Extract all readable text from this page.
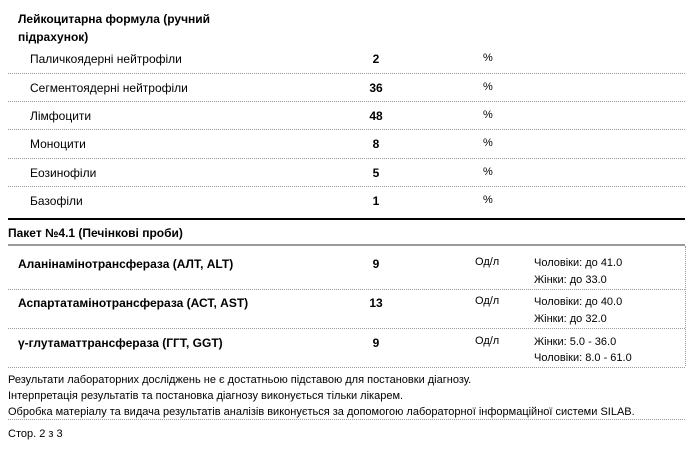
Лейкоцитарна формула (ручний
підрахунок)
Паличкоядерні нейтрофіли	2	%
Сегментоядерні нейтрофіли	36	%
Лімфоцити	48	%
Моноцити	8	%
Еозинофіли	5	%
Базофіли	1	%
Пакет №4.1 (Печінкові проби)
Аланінамінотрансфераза (АЛТ, ALT)	9	Од/л	Чоловіки: до 41.0
Жінки: до 33.0
Аспартатамінотрансфераза (АСТ, AST)	13	Од/л	Чоловіки: до 40.0
Жінки: до 32.0
γ-глутаматтрансфераза (ГГТ, GGT)	9	Од/л	Жінки: 5.0 - 36.0
Чоловіки: 8.0 - 61.0
Результати лабораторних досліджень не є достатньою підставою для постановки діагнозу.
Інтерпретація результатів та постановка діагнозу виконується тільки лікарем.
Обробка матеріалу та видача результатів аналізів виконується за допомогою лабораторної інформаційної системи SILAB.
Стор. 2 з 3
